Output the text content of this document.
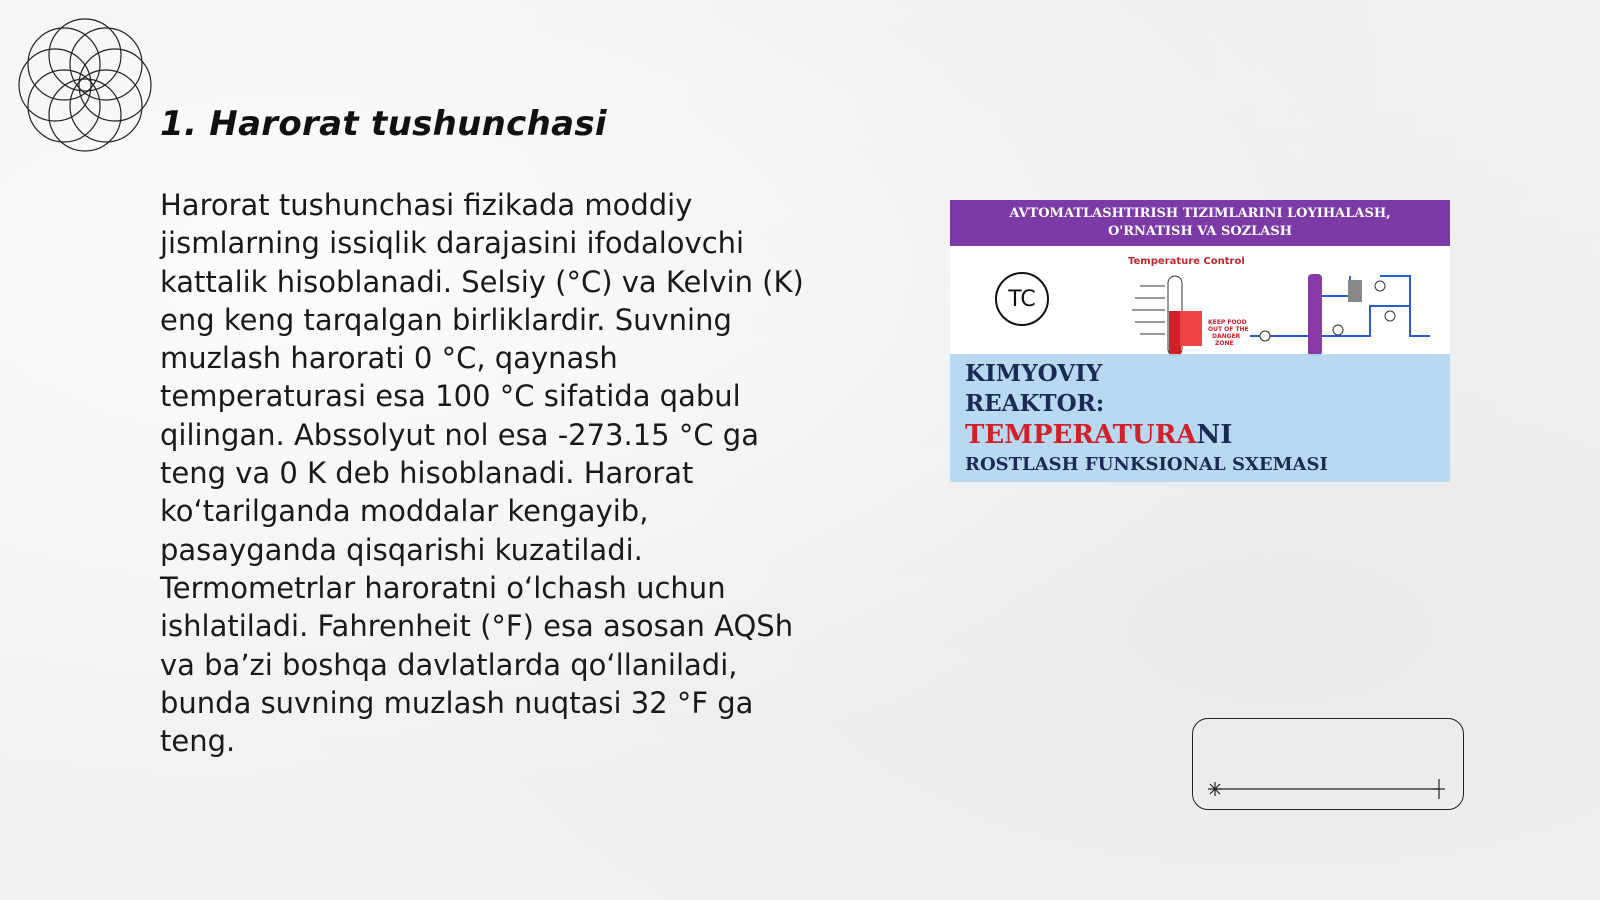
1. Harorat tushunchasi

Harorat tushunchasi fizikada moddiy jismlarning issiqlik darajasini ifodalovchi kattalik hisoblanadi. Selsiy (°C) va Kelvin (K) eng keng tarqalgan birliklardir. Suvning muzlash harorati 0 °C, qaynash temperaturasi esa 100 °C sifatida qabul qilingan. Abssolyut nol esa -273.15 °C ga teng va 0 K deb hisoblanadi. Harorat ko‘tarilganda moddalar kengayib, pasayganda qisqarishi kuzatiladi. Termometrlar haroratni o‘lchash uchun ishlatiladi. Fahrenheit (°F) esa asosan AQSh va ba’zi boshqa davlatlarda qo‘llaniladi, bunda suvning muzlash nuqtasi 32 °F ga teng.

AVTOMATLASHTIRISH TIZIMLARINI LOYIHALASH,
O'RNATISH VA SOZLASH
KEEP FOOD
OUT OF THE
DANGER
ZONE
TC
Temperature Control
KIMYOVIY
REAKTOR:
TEMPERATURANI
ROSTLASH FUNKSIONAL SXEMASI
